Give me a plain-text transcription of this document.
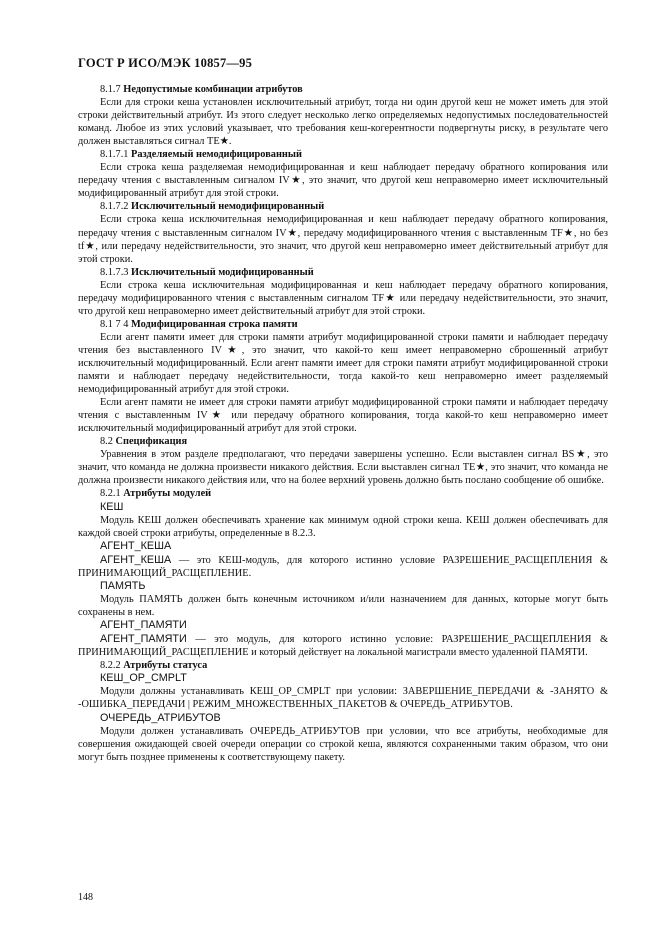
ГОСТ Р ИСО/МЭК 10857—95
8.1.7 Недопустимые комбинации атрибутов

Если для строки кеша установлен исключительный атрибут, тогда ни один другой кеш не может иметь для этой строки действительный атрибут. Из этого следует несколько легко определяемых недопустимых последовательностей команд. Любое из этих условий указывает, что требования кеш-когерентности подвергнуты риску, в результате чего должен выставляться сигнал TE★.

8.1.7.1 Разделяемый немодифицированный

Если строка кеша разделяемая немодифицированная и кеш наблюдает передачу обратного копирования или передачу чтения с выставленным сигналом IV★, это значит, что другой кеш неправомерно имеет исключительный модифицированный атрибут для этой строки.

8.1.7.2 Исключительный немодифицированный

Если строка кеша исключительная немодифицированная и кеш наблюдает передачу обратного копирования, передачу чтения с выставленным сигналом IV★, передачу модифицированного чтения с выставленным TF★, но без tf★, или передачу недействительности, это значит, что другой кеш неправомерно имеет действительный атрибут для этой строки.

8.1.7.3 Исключительный модифицированный

Если строка кеша исключительная модифицированная и кеш наблюдает передачу обратного копирования, передачу модифицированного чтения с выставленным сигналом TF★ или передачу недействительности, это значит, что другой кеш неправомерно имеет действительный атрибут для этой строки.

8.1 7 4 Модифицированная строка памяти

Если агент памяти имеет для строки памяти атрибут модифицированной строки памяти и наблюдает передачу чтения без выставленного IV★, это значит, что какой-то кеш имеет неправомерно сброшенный атрибут исключительный модифицированный. Если агент памяти имеет для строки памяти атрибут модифицированной строки памяти и наблюдает передачу недействительности, тогда какой-то кеш неправомерно имеет разделяемый немодифицированный атрибут для этой строки.

Если агент памяти не имеет для строки памяти атрибут модифицированной строки памяти и наблюдает передачу чтения с выставленным IV★ или передачу обратного копирования, тогда какой-то кеш неправомерно имеет исключительный модифицированный атрибут для этой строки.

8.2 Спецификация

Уравнения в этом разделе предполагают, что передачи завершены успешно. Если выставлен сигнал BS★, это значит, что команда не должна произвести никакого действия. Если выставлен сигнал TE★, это значит, что команда не должна произвести никакого действия или, что на более верхний уровень должно быть послано сообщение об ошибке.

8.2.1 Атрибуты модулей
КЕШ

Модуль КЕШ должен обеспечивать хранение как минимум одной строки кеша. КЕШ должен обеспечивать для каждой своей строки атрибуты, определенные в 8.2.3.

АГЕНТ_КЕША

АГЕНТ_КЕША — это КЕШ-модуль, для которого истинно условие РАЗРЕШЕНИЕ_РАСЩЕПЛЕНИЯ & ПРИНИМАЮЩИЙ_РАСЩЕПЛЕНИЕ.

ПАМЯТЬ

Модуль ПАМЯТЬ должен быть конечным источником и/или назначением для данных, которые могут быть сохранены в нем.

АГЕНТ_ПАМЯТИ

АГЕНТ_ПАМЯТИ — это модуль, для которого истинно условие: РАЗРЕШЕНИЕ_РАСЩЕПЛЕНИЯ & ПРИНИМАЮЩИЙ_РАСЩЕПЛЕНИЕ и который действует на локальной магистрали вместо удаленной ПАМЯТИ.

8.2.2 Атрибуты статуса
КЕШ_OP_CMPLT

Модули должны устанавливать КЕШ_OP_CMPLT при условии: ЗАВЕРШЕНИЕ_ПЕРЕДАЧИ & -ЗАНЯТО & -ОШИБКА_ПЕРЕДАЧИ | РЕЖИМ_МНОЖЕСТВЕННЫХ_ПАКЕТОВ & ОЧЕРЕДЬ_АТРИБУТОВ.

ОЧЕРЕДЬ_АТРИБУТОВ

Модули должен устанавливать ОЧЕРЕДЬ_АТРИБУТОВ при условии, что все атрибуты, необходимые для совершения ожидающей своей очереди операции со строкой кеша, являются сохраненными таким образом, что они могут быть позднее применены к соответствующему пакету.

148
